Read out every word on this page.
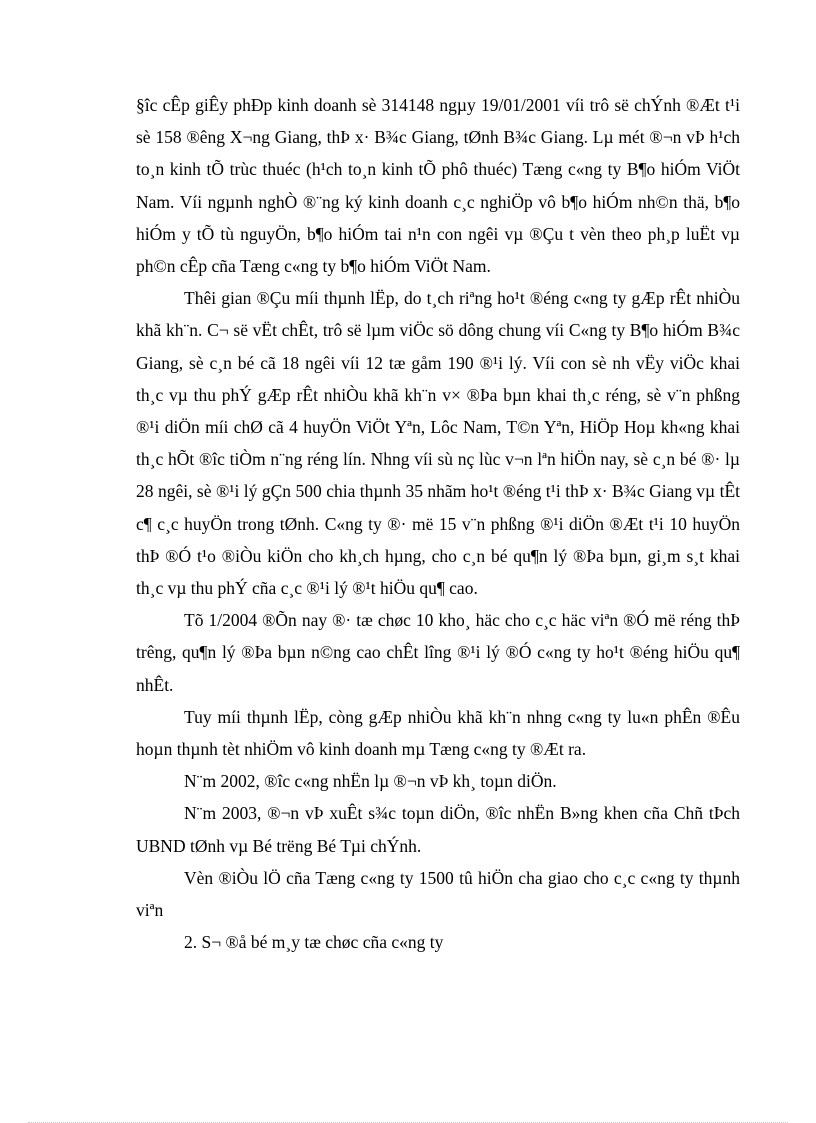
§îc cÊp giÊy phÐp kinh doanh sè 314148 ngµy 19/01/2001 víi trô së chÝnh ®Æt t¹i sè 158 ®êng X¬ng Giang, thÞ x· B¾c Giang, tØnh B¾c Giang. Lµ mét ®¬n vÞ h¹ch to¸n kinh tÕ trùc thuéc (h¹ch to¸n kinh tÕ phô thuéc) Tæng c«ng ty B¶o hiÓm ViÖt Nam. Víi ngµnh nghÒ ®¨ng ký kinh doanh c¸c nghiÖp vô b¶o hiÓm nh©n thä, b¶o hiÓm y tÕ tù nguyÖn, b¶o hiÓm tai n¹n con ngêi vµ ®Çu t vèn theo ph¸p luËt vµ ph©n cÊp cña Tæng c«ng ty b¶o hiÓm ViÖt Nam.

Thêi gian ®Çu míi thµnh lËp, do t¸ch riªng ho¹t ®éng c«ng ty gÆp rÊt nhiÒu khã kh¨n. C¬ së vËt chÊt, trô së lµm viÖc sö dông chung víi C«ng ty B¶o hiÓm B¾c Giang, sè c¸n bé cã 18 ngêi víi 12 tæ gåm 190 ®¹i lý. Víi con sè nh vËy viÖc khai th¸c vµ thu phÝ gÆp rÊt nhiÒu khã kh¨n v× ®Þa bµn khai th¸c réng, sè v¨n phßng ®¹i diÖn míi chØ cã 4 huyÖn ViÖt Yªn, Lôc Nam, T©n Yªn, HiÖp Hoµ kh«ng khai th¸c hÕt ®îc tiÒm n¨ng réng lín. Nhng víi sù nç lùc v¬n lªn hiÖn nay, sè c¸n bé ®· lµ 28 ngêi, sè ®¹i lý gÇn 500 chia thµnh 35 nhãm ho¹t ®éng t¹i thÞ x· B¾c Giang vµ tÊt c¶ c¸c huyÖn trong tØnh. C«ng ty ®· më 15 v¨n phßng ®¹i diÖn ®Æt t¹i 10 huyÖn thÞ ®Ó t¹o ®iÒu kiÖn cho kh¸ch hµng, cho c¸n bé qu¶n lý ®Þa bµn, gi¸m s¸t khai th¸c vµ thu phÝ cña c¸c ®¹i lý ®¹t hiÖu qu¶ cao.

Tõ 1/2004 ®Õn nay ®· tæ chøc 10 kho¸ häc cho c¸c häc viªn ®Ó më réng thÞ trêng, qu¶n lý ®Þa bµn n©ng cao chÊt lîng ®¹i lý ®Ó c«ng ty ho¹t ®éng hiÖu qu¶ nhÊt.

Tuy míi thµnh lËp, còng gÆp nhiÒu khã kh¨n nhng c«ng ty lu«n phÊn ®Êu hoµn thµnh tèt nhiÖm vô kinh doanh mµ Tæng c«ng ty ®Æt ra.

N¨m 2002, ®îc c«ng nhËn lµ ®¬n vÞ kh¸ toµn diÖn.

N¨m 2003, ®¬n vÞ xuÊt s¾c toµn diÖn, ®îc nhËn B»ng khen cña Chñ tÞch UBND tØnh vµ Bé trëng Bé Tµi chÝnh.

Vèn ®iÒu lÖ cña Tæng c«ng ty 1500 tû hiÖn cha giao cho c¸c c«ng ty thµnh viªn

2. S¬ ®å bé m¸y tæ chøc cña c«ng ty
